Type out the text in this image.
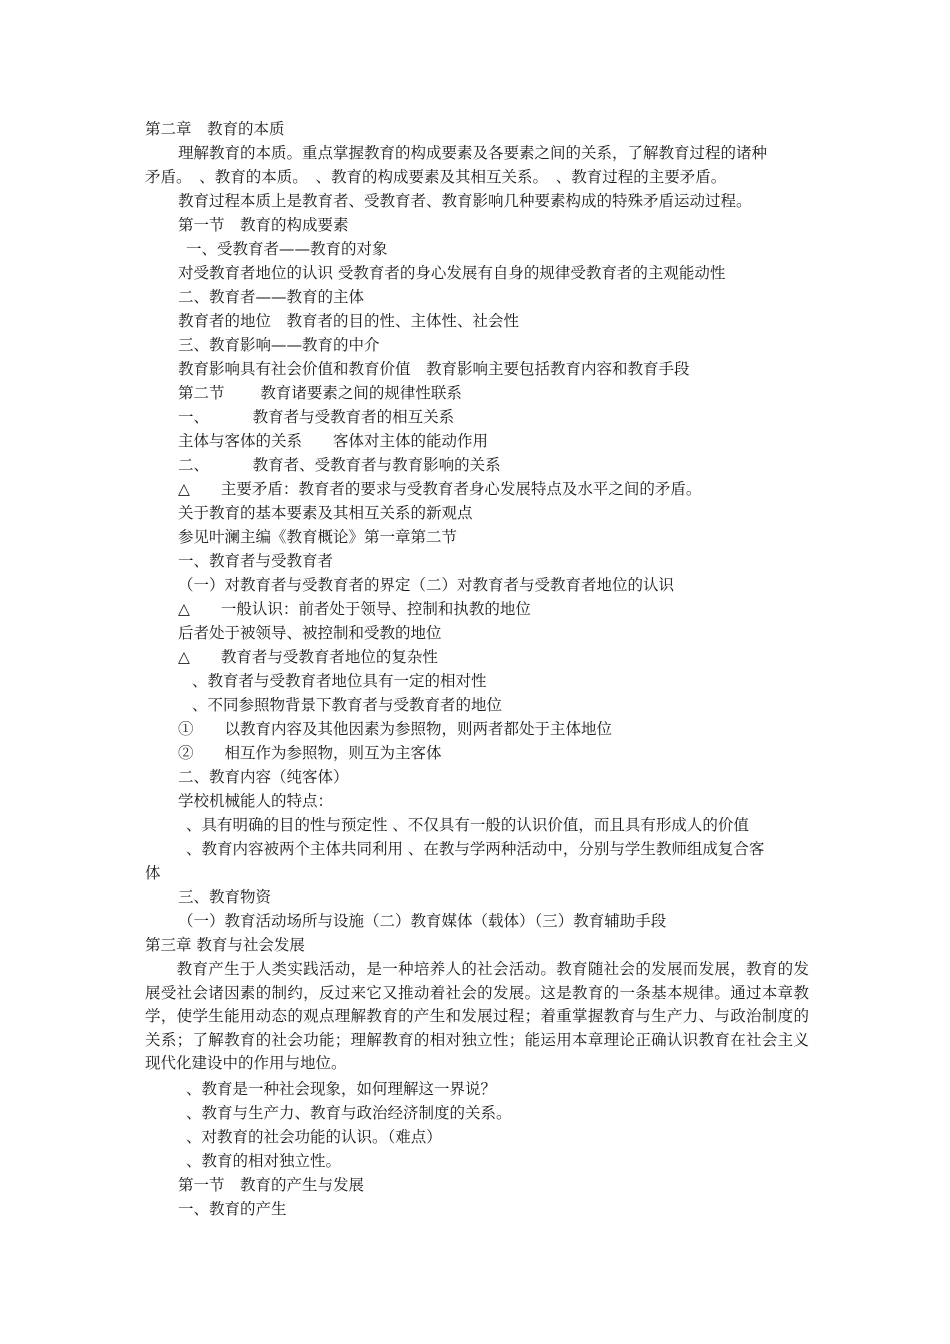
第二章　教育的本质
理解教育的本质。重点掌握教育的构成要素及各要素之间的关系，了解教育过程的诸种
矛盾。　、教育的本质。　、教育的构成要素及其相互关系。　、教育过程的主要矛盾。
教育过程本质上是教育者、受教育者、教育影响几种要素构成的特殊矛盾运动过程。
第一节　教育的构成要素
一、受教育者——教育的对象
对受教育者地位的认识 受教育者的身心发展有自身的规律受教育者的主观能动性
二、教育者——教育的主体
教育者的地位　教育者的目的性、主体性、社会性
三、教育影响——教育的中介
教育影响具有社会价值和教育价值　教育影响主要包括教育内容和教育手段
第二节　　 教育诸要素之间的规律性联系
一、　　　 教育者与受教育者的相互关系
主体与客体的关系　　客体对主体的能动作用
二、　　　 教育者、受教育者与教育影响的关系
△　　主要矛盾：教育者的要求与受教育者身心发展特点及水平之间的矛盾。
关于教育的基本要素及其相互关系的新观点
参见叶澜主编《教育概论》第一章第二节
一、教育者与受教育者
（一）对教育者与受教育者的界定（二）对教育者与受教育者地位的认识
△　　一般认识：前者处于领导、控制和执教的地位
后者处于被领导、被控制和受教的地位
△　　教育者与受教育者地位的复杂性
、教育者与受教育者地位具有一定的相对性
、不同参照物背景下教育者与受教育者的地位
①　　以教育内容及其他因素为参照物，则两者都处于主体地位
②　　相互作为参照物，则互为主客体
二、教育内容（纯客体）
学校机械能人的特点：
、具有明确的目的性与预定性 、不仅具有一般的认识价值，而且具有形成人的价值
、教育内容被两个主体共同利用 、在教与学两种活动中，分别与学生教师组成复合客
体
三、教育物资
（一）教育活动场所与设施（二）教育媒体（载体）（三）教育辅助手段
第三章 教育与社会发展
　　教育产生于人类实践活动，是一种培养人的社会活动。教育随社会的发展而发展，教育的发展受社会诸因素的制约，反过来它又推动着社会的发展。这是教育的一条基本规律。通过本章教学，使学生能用动态的观点理解教育的产生和发展过程；着重掌握教育与生产力、与政治制度的关系；了解教育的社会功能；理解教育的相对独立性；能运用本章理论正确认识教育在社会主义现代化建设中的作用与地位。
、教育是一种社会现象，如何理解这一界说？
、教育与生产力、教育与政治经济制度的关系。
、对教育的社会功能的认识。（难点）
、教育的相对独立性。
第一节　教育的产生与发展
一、教育的产生
